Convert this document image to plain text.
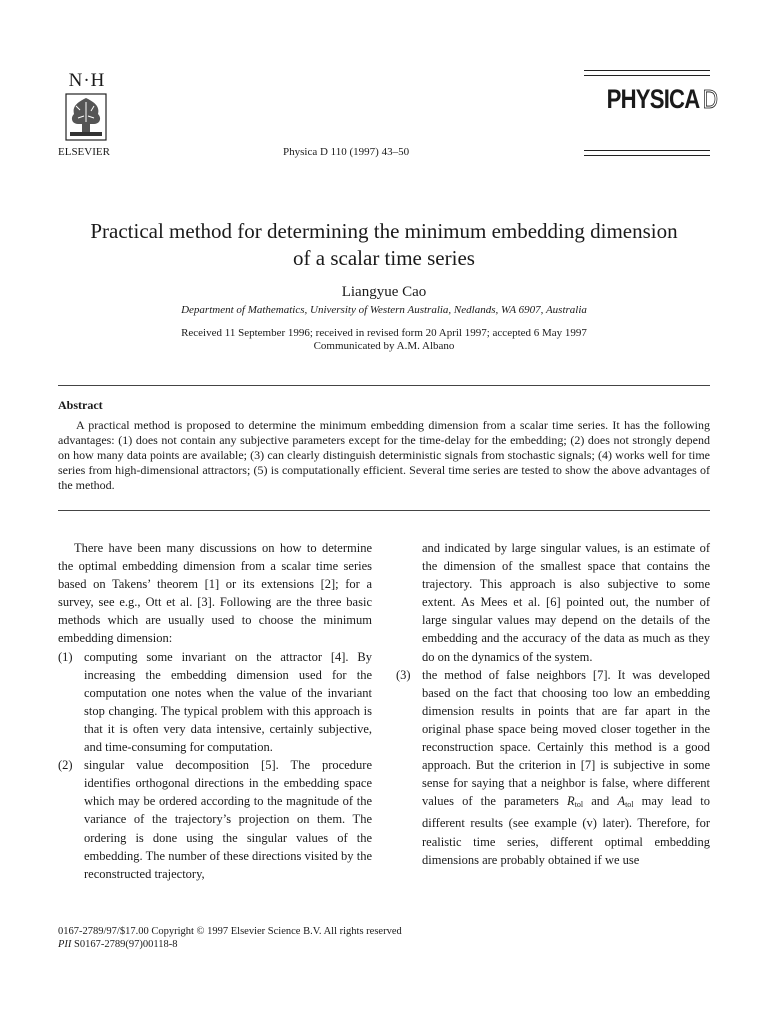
N·H
ELSEVIER	Physica D 110 (1997) 43–50
PHYSICA D
Practical method for determining the minimum embedding dimension
of a scalar time series
Liangyue Cao
Department of Mathematics, University of Western Australia, Nedlands, WA 6907, Australia
Received 11 September 1996; received in revised form 20 April 1997; accepted 6 May 1997
Communicated by A.M. Albano
Abstract
A practical method is proposed to determine the minimum embedding dimension from a scalar time series. It has the following advantages: (1) does not contain any subjective parameters except for the time-delay for the embedding; (2) does not strongly depend on how many data points are available; (3) can clearly distinguish deterministic signals from stochastic signals; (4) works well for time series from high-dimensional attractors; (5) is computationally efficient. Several time series are tested to show the above advantages of the method.

There have been many discussions on how to determine the optimal embedding dimension from a scalar time series based on Takens’ theorem [1] or its extensions [2]; for a survey, see e.g., Ott et al. [3]. Following are the three basic methods which are usually used to choose the minimum embedding dimension:

(1) computing some invariant on the attractor [4]. By increasing the embedding dimension used for the computation one notes when the value of the invariant stop changing. The typical problem with this approach is that it is often very data intensive, certainly subjective, and time-consuming for computation.
(2) singular value decomposition [5]. The procedure identifies orthogonal directions in the embedding space which may be ordered according to the magnitude of the variance of the trajectory’s projection on them. The ordering is done using the singular values of the embedding. The number of these directions visited by the reconstructed trajectory,

and indicated by large singular values, is an estimate of the dimension of the smallest space that contains the trajectory. This approach is also subjective to some extent. As Mees et al. [6] pointed out, the number of large singular values may depend on the details of the embedding and the accuracy of the data as much as they do on the dynamics of the system.

(3) the method of false neighbors [7]. It was developed based on the fact that choosing too low an embedding dimension results in points that are far apart in the original phase space being moved closer together in the reconstruction space. Certainly this method is a good approach. But the criterion in [7] is subjective in some sense for saying that a neighbor is false, where different values of the parameters $R_{tol}$ and $A_{tol}$ may lead to different results (see example (v) later). Therefore, for realistic time series, different optimal embedding dimensions are probably obtained if we use
0167-2789/97/$17.00 Copyright © 1997 Elsevier Science B.V. All rights reserved
PII S0167-2789(97)00118-8
